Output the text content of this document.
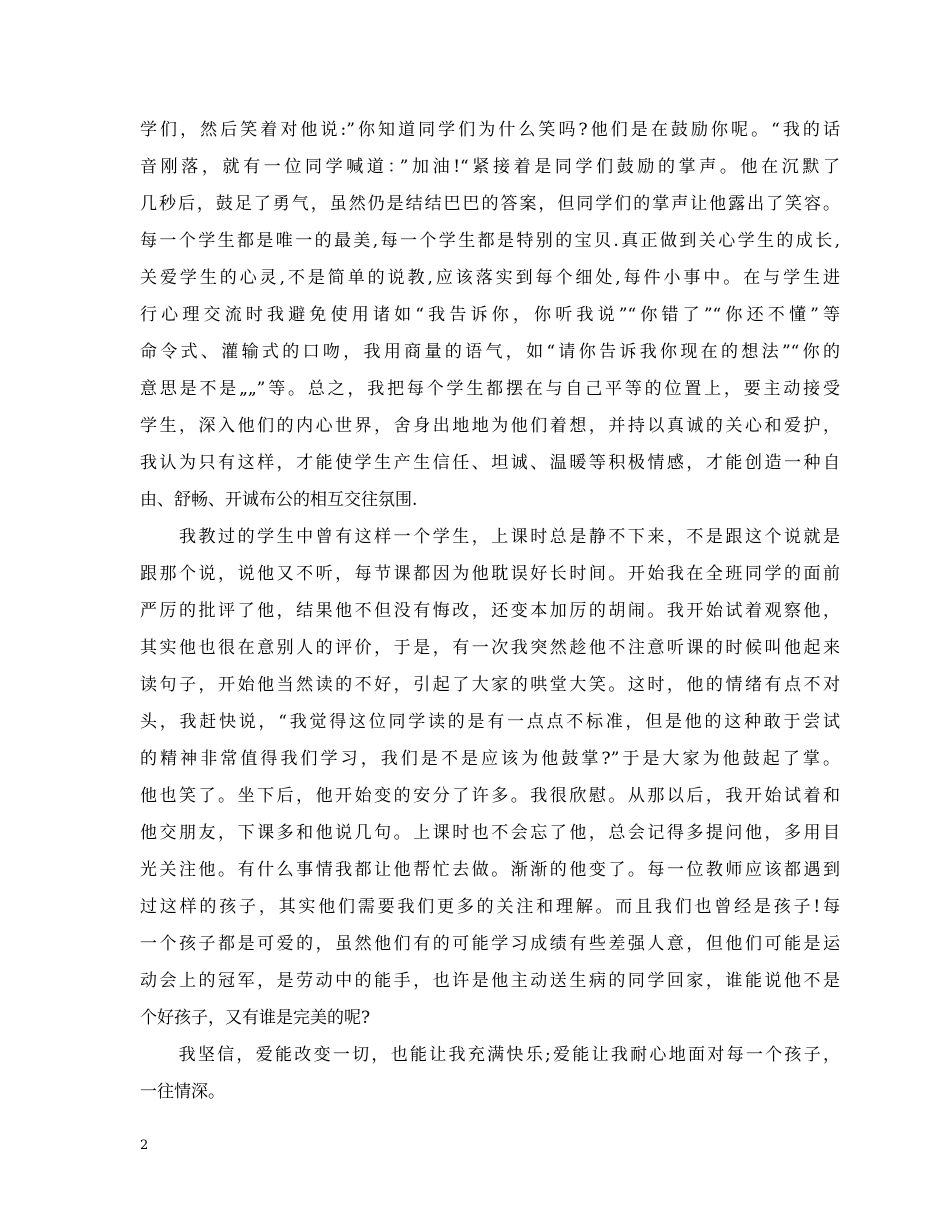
学们，然后笑着对他说:”你知道同学们为什么笑吗?他们是在鼓励你呢。“我的话
音刚落，就有一位同学喊道：”加油!“紧接着是同学们鼓励的掌声。他在沉默了
几秒后，鼓足了勇气，虽然仍是结结巴巴的答案，但同学们的掌声让他露出了笑容。
每一个学生都是唯一的最美,每一个学生都是特别的宝贝.真正做到关心学生的成长,
关爱学生的心灵,不是简单的说教,应该落实到每个细处,每件小事中。在与学生进
行心理交流时我避免使用诸如“我告诉你，你听我说”“你错了”“你还不懂”等
命令式、灌输式的口吻，我用商量的语气，如“请你告诉我你现在的想法”“你的
意思是不是„„”等。总之，我把每个学生都摆在与自己平等的位置上，要主动接受
学生，深入他们的内心世界，舍身出地地为他们着想，并持以真诚的关心和爱护，
我认为只有这样，才能使学生产生信任、坦诚、温暖等积极情感，才能创造一种自
由、舒畅、开诚布公的相互交往氛围.
　　我教过的学生中曾有这样一个学生，上课时总是静不下来，不是跟这个说就是
跟那个说，说他又不听，每节课都因为他耽误好长时间。开始我在全班同学的面前
严厉的批评了他，结果他不但没有悔改，还变本加厉的胡闹。我开始试着观察他，
其实他也很在意别人的评价，于是，有一次我突然趁他不注意听课的时候叫他起来
读句子，开始他当然读的不好，引起了大家的哄堂大笑。这时，他的情绪有点不对
头，我赶快说，“我觉得这位同学读的是有一点点不标准，但是他的这种敢于尝试
的精神非常值得我们学习，我们是不是应该为他鼓掌?”于是大家为他鼓起了掌。
他也笑了。坐下后，他开始变的安分了许多。我很欣慰。从那以后，我开始试着和
他交朋友，下课多和他说几句。上课时也不会忘了他，总会记得多提问他，多用目
光关注他。有什么事情我都让他帮忙去做。渐渐的他变了。每一位教师应该都遇到
过这样的孩子，其实他们需要我们更多的关注和理解。而且我们也曾经是孩子!每
一个孩子都是可爱的，虽然他们有的可能学习成绩有些差强人意，但他们可能是运
动会上的冠军，是劳动中的能手，也许是他主动送生病的同学回家，谁能说他不是
个好孩子，又有谁是完美的呢?
　　我坚信，爱能改变一切，也能让我充满快乐;爱能让我耐心地面对每一个孩子，
一往情深。
2
